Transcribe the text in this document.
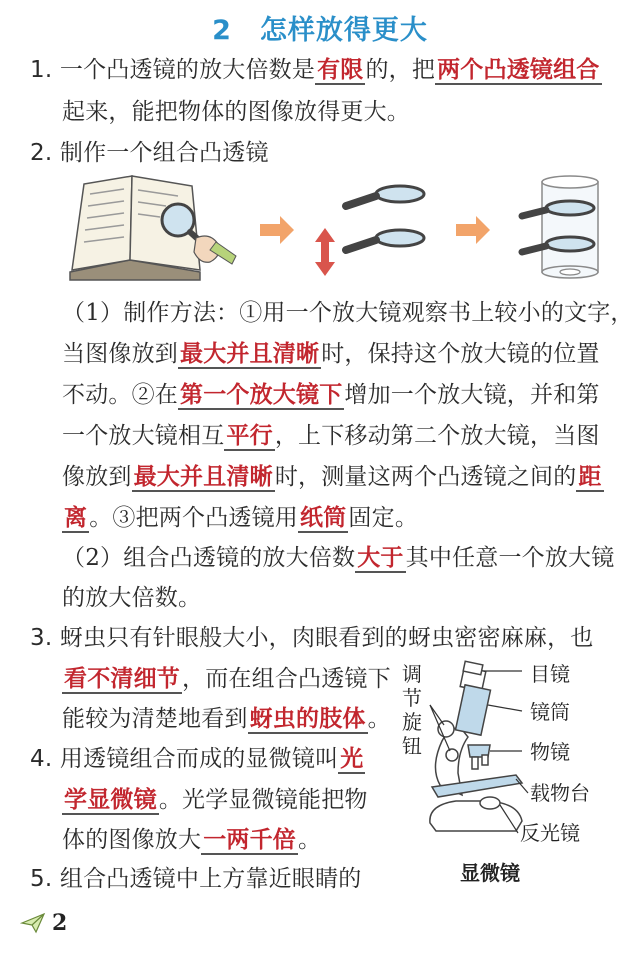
2　怎样放得更大
1. 一个凸透镜的放大倍数是有限的，把两个凸透镜组合
起来，能把物体的图像放得更大。
2. 制作一个组合凸透镜
（1）制作方法：①用一个放大镜观察书上较小的文字，
当图像放到最大并且清晰时，保持这个放大镜的位置
不动。②在第一个放大镜下增加一个放大镜，并和第
一个放大镜相互平行，上下移动第二个放大镜，当图
像放到最大并且清晰时，测量这两个凸透镜之间的距
离。③把两个凸透镜用纸筒固定。
（2）组合凸透镜的放大倍数大于其中任意一个放大镜
的放大倍数。
3. 蚜虫只有针眼般大小，肉眼看到的蚜虫密密麻麻，也
看不清细节，而在组合凸透镜下
能较为清楚地看到蚜虫的肢体。
4. 用透镜组合而成的显微镜叫光
学显微镜。光学显微镜能把物
体的图像放大一两千倍。
5. 组合凸透镜中上方靠近眼睛的
调
节
旋
钮
目镜
镜筒
物镜
载物台
反光镜
显微镜
2
